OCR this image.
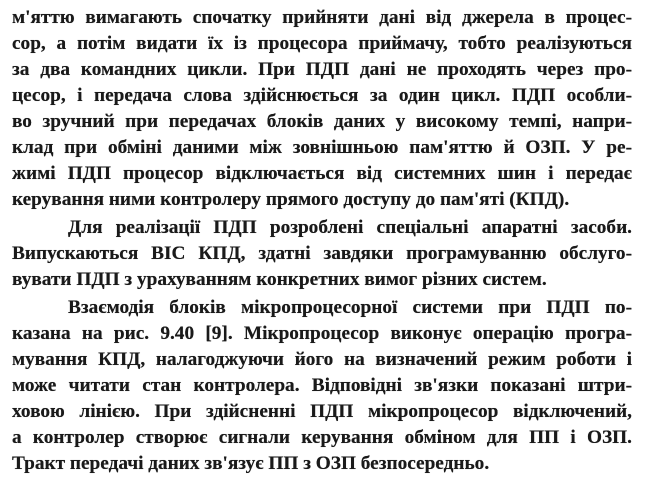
м'яттю вимагають спочатку прийняти дані від джерела в процес-
сор, а потім видати їх із процесора приймачу, тобто реалізуються
за два командних цикли. При ПДП дані не проходять через про-
цесор, і передача слова здійснюється за один цикл. ПДП особли-
во зручний при передачах блоків даних у високому темпі, напри-
клад при обміні даними між зовнішньою пам'яттю й ОЗП. У ре-
жимі ПДП процесор відключається від системних шин і передає
керування ними контролеру прямого доступу до пам'яті (КПД).
Для реалізації ПДП розроблені спеціальні апаратні засоби.
Випускаються ВІС КПД, здатні завдяки програмуванню обслуго-
вувати ПДП з урахуванням конкретних вимог різних систем.
Взаємодія блоків мікропроцесорної системи при ПДП по-
казана на рис. 9.40 [9]. Мікропроцесор виконує операцію програ-
мування КПД, налагоджуючи його на визначений режим роботи і
може читати стан контролера. Відповідні зв'язки показані штри-
ховою лінією. При здійсненні ПДП мікропроцесор відключений,
а контролер створює сигнали керування обміном для ПП і ОЗП.
Тракт передачі даних зв'язує ПП з ОЗП безпосередньо.
